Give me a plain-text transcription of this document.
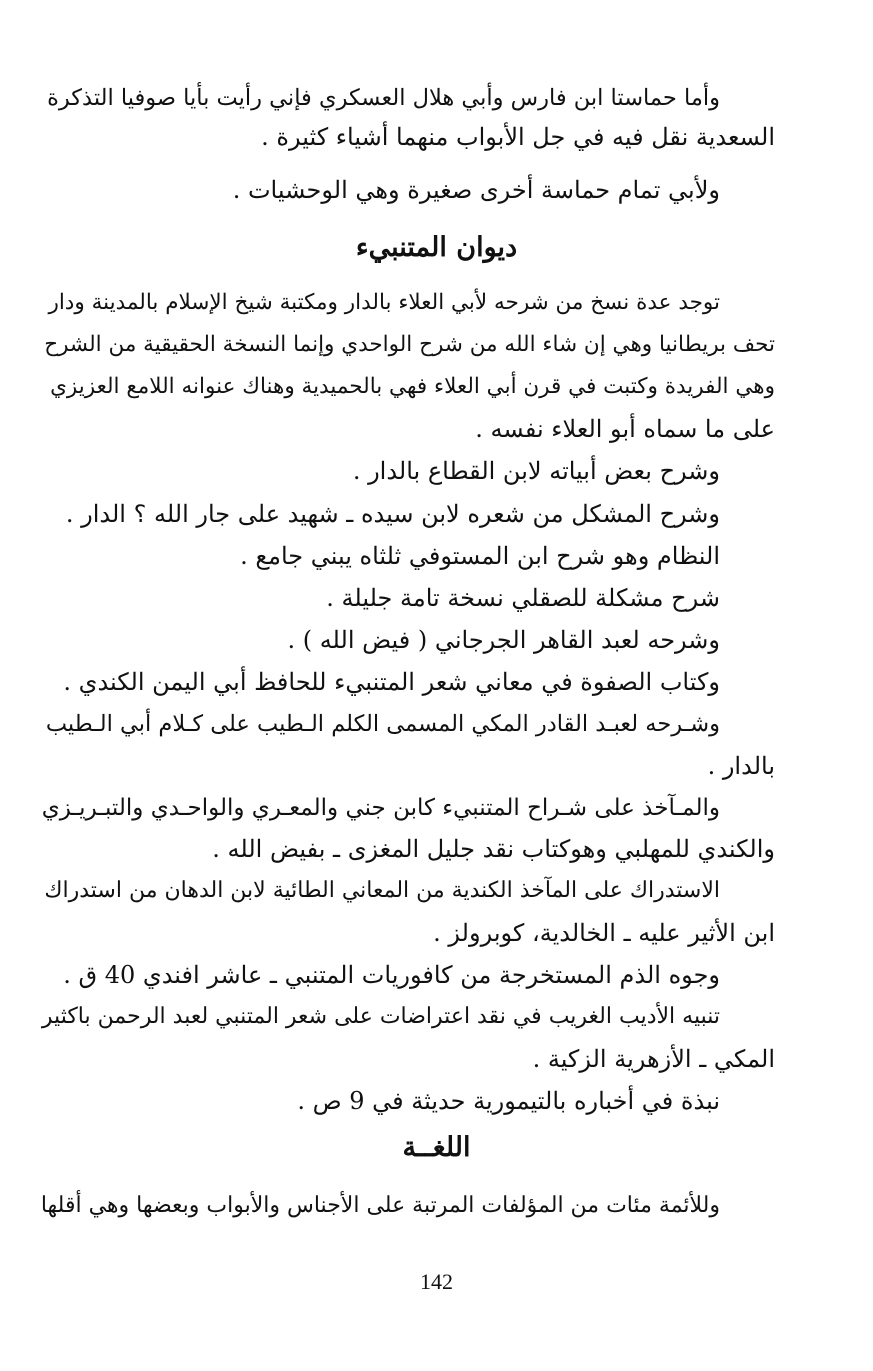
وأما حماستا ابن فارس وأبي هلال العسكري فإني رأيت بأيا صوفيا التذكرة
السعدية نقل فيه في جل الأبواب منهما أشياء كثيرة .
ولأبي تمام حماسة أخرى صغيرة وهي الوحشيات .
ديوان المتنبيء
توجد عدة نسخ من شرحه لأبي العلاء بالدار ومكتبة شيخ الإسلام بالمدينة ودار
تحف بريطانيا وهي إن شاء الله من شرح الواحدي وإنما النسخة الحقيقية من الشرح
وهي الفريدة وكتبت في قرن أبي العلاء فهي بالحميدية وهناك عنوانه اللامع العزيزي
على ما سماه أبو العلاء نفسه .
وشرح بعض أبياته لابن القطاع بالدار .
وشرح المشكل من شعره لابن سيده ـ شهيد على جار الله ؟ الدار .
النظام وهو شرح ابن المستوفي ثلثاه يبني جامع .
شرح مشكلة للصقلي نسخة تامة جليلة .
وشرحه لعبد القاهر الجرجاني ( فيض الله ) .
وكتاب الصفوة في معاني شعر المتنبيء للحافظ أبي اليمن الكندي .
وشـرحه لعبـد القادر المكي المسمى الكلم الـطيب على كـلام أبي الـطيب
بالدار .
والمـآخذ على شـراح المتنبيء كابن جني والمعـري والواحـدي والتبـريـزي
والكندي للمهلبي وهوكتاب نقد جليل المغزى ـ بفيض الله .
الاستدراك على المآخذ الكندية من المعاني الطائية لابن الدهان من استدراك
ابن الأثير عليه ـ الخالدية، كوبرولز .
وجوه الذم المستخرجة من كافوريات المتنبي ـ عاشر افندي 40 ق .
تنبيه الأديب الغريب في نقد اعتراضات على شعر المتنبي لعبد الرحمن باكثير
المكي ـ الأزهرية الزكية .
نبذة في أخباره بالتيمورية حديثة في 9 ص .
اللغــة
وللأئمة مئات من المؤلفات المرتبة على الأجناس والأبواب وبعضها وهي أقلها
142
